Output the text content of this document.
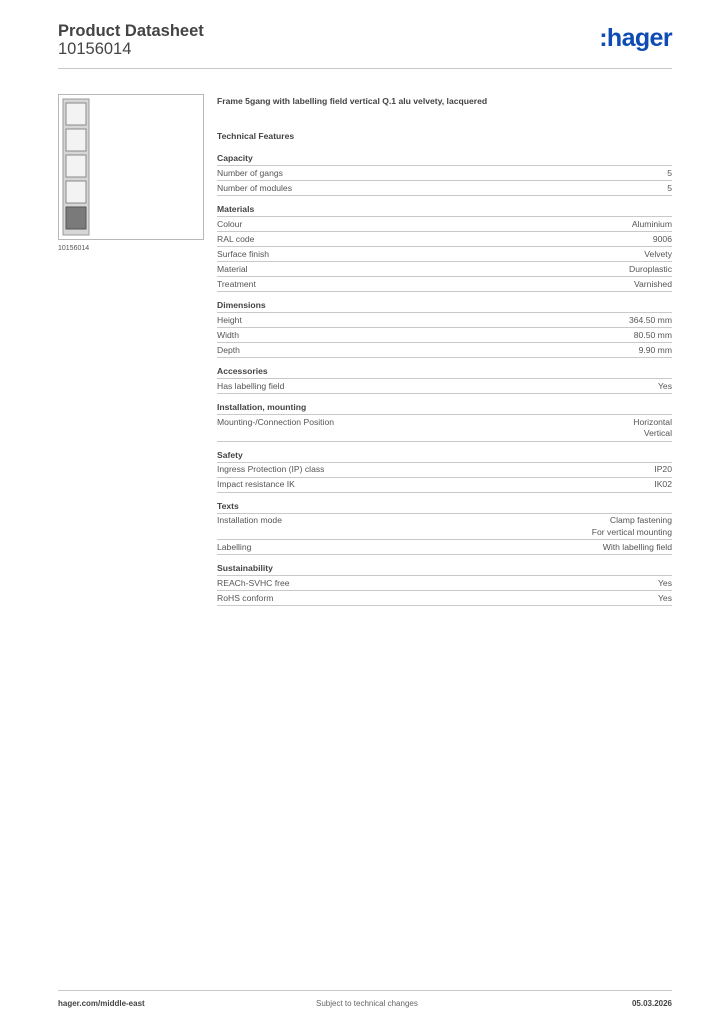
Product Datasheet
10156014	:hager
10156014
Frame 5gang with labelling field vertical Q.1 alu velvety, lacquered
Technical Features
Capacity
Number of gangs	5
Number of modules	5
Materials
Colour	Aluminium
RAL code	9006
Surface finish	Velvety
Material	Duroplastic
Treatment	Varnished
Dimensions
Height	364.50 mm
Width	80.50 mm
Depth	9.90 mm
Accessories
Has labelling field	Yes
Installation, mounting
Mounting-/Connection Position	Horizontal
Vertical
Safety
Ingress Protection (IP) class	IP20
Impact resistance IK	IK02
Texts
Installation mode	Clamp fastening
For vertical mounting
Labelling	With labelling field
Sustainability
REACh-SVHC free	Yes
RoHS conform	Yes
hager.com/middle-east	Subject to technical changes	05.03.2026
